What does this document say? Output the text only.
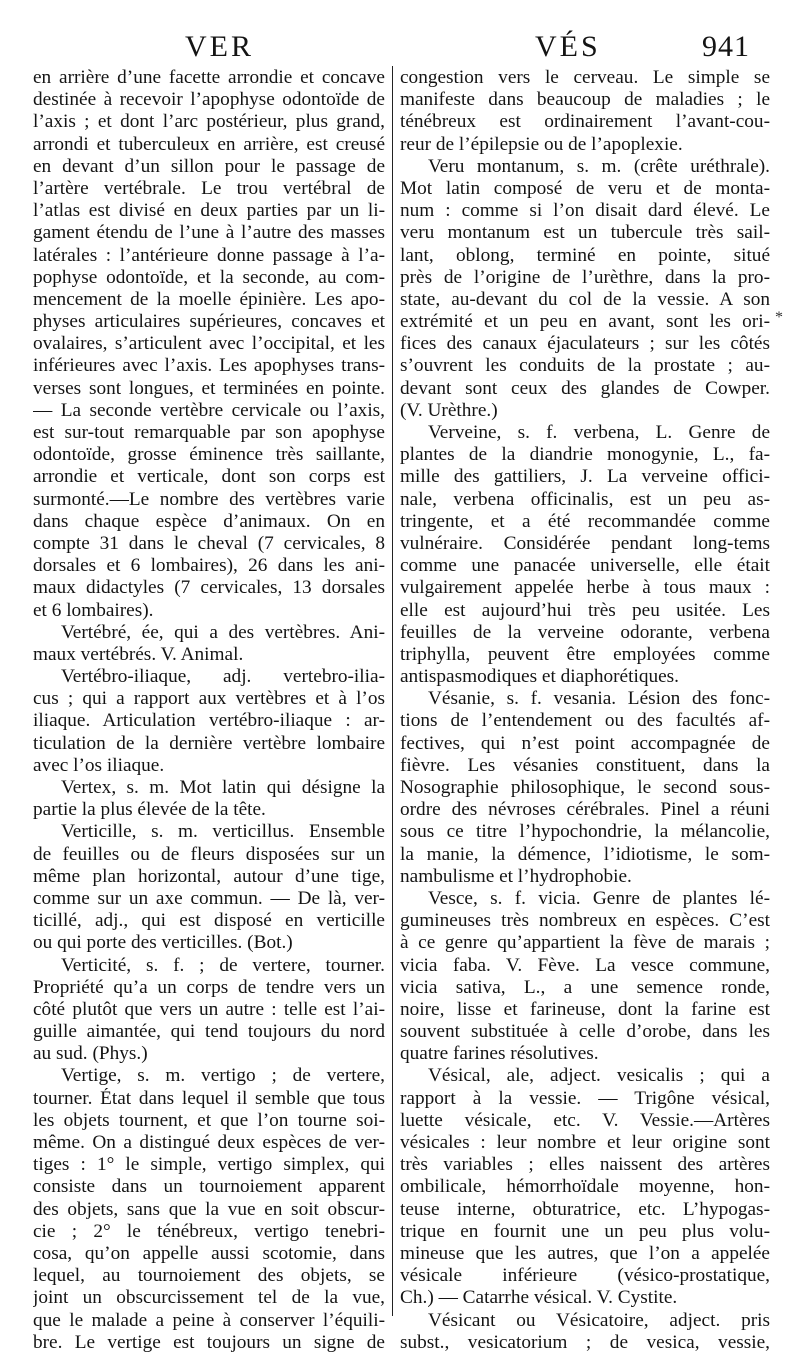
VER	VÉS	941
en arrière d’une facette arrondie et concave
destinée à recevoir l’apophyse odontoïde de
l’axis ; et dont l’arc postérieur, plus grand,
arrondi et tuberculeux en arrière, est creusé
en devant d’un sillon pour le passage de
l’artère vertébrale. Le trou vertébral de
l’atlas est divisé en deux parties par un li-
gament étendu de l’une à l’autre des masses
latérales : l’antérieure donne passage à l’a-
pophyse odontoïde, et la seconde, au com-
mencement de la moelle épinière. Les apo-
physes articulaires supérieures, concaves et
ovalaires, s’articulent avec l’occipital, et les
inférieures avec l’axis. Les apophyses trans-
verses sont longues, et terminées en pointe.
— La seconde vertèbre cervicale ou l’axis,
est sur-tout remarquable par son apophyse
odontoïde, grosse éminence très saillante,
arrondie et verticale, dont son corps est
surmonté.—Le nombre des vertèbres varie
dans chaque espèce d’animaux. On en
compte 31 dans le cheval (7 cervicales, 8
dorsales et 6 lombaires), 26 dans les ani-
maux didactyles (7 cervicales, 13 dorsales
et 6 lombaires).
Vertébré, ée, qui a des vertèbres. Ani-
maux vertébrés. V. Animal.
Vertébro-iliaque, adj. vertebro-ilia-
cus ; qui a rapport aux vertèbres et à l’os
iliaque. Articulation vertébro-iliaque : ar-
ticulation de la dernière vertèbre lombaire
avec l’os iliaque.
Vertex, s. m. Mot latin qui désigne la
partie la plus élevée de la tête.
Verticille, s. m. verticillus. Ensemble
de feuilles ou de fleurs disposées sur un
même plan horizontal, autour d’une tige,
comme sur un axe commun. — De là, ver-
ticillé, adj., qui est disposé en verticille
ou qui porte des verticilles. (Bot.)
Verticité, s. f. ; de vertere, tourner.
Propriété qu’a un corps de tendre vers un
côté plutôt que vers un autre : telle est l’ai-
guille aimantée, qui tend toujours du nord
au sud. (Phys.)
Vertige, s. m. vertigo ; de vertere,
tourner. État dans lequel il semble que tous
les objets tournent, et que l’on tourne soi-
même. On a distingué deux espèces de ver-
tiges : 1° le simple, vertigo simplex, qui
consiste dans un tournoiement apparent
des objets, sans que la vue en soit obscur-
cie ; 2° le ténébreux, vertigo tenebri-
cosa, qu’on appelle aussi scotomie, dans
lequel, au tournoiement des objets, se
joint un obscurcissement tel de la vue,
que le malade a peine à conserver l’équili-
bre. Le vertige est toujours un signe de
congestion vers le cerveau. Le simple se
manifeste dans beaucoup de maladies ; le
ténébreux est ordinairement l’avant-cou-
reur de l’épilepsie ou de l’apoplexie.
Veru montanum, s. m. (crête uréthrale).
Mot latin composé de veru et de monta-
num : comme si l’on disait dard élevé. Le
veru montanum est un tubercule très sail-
lant, oblong, terminé en pointe, situé
près de l’origine de l’urèthre, dans la pro-
state, au-devant du col de la vessie. A son
extrémité et un peu en avant, sont les ori-
fices des canaux éjaculateurs ; sur les côtés
s’ouvrent les conduits de la prostate ; au-
devant sont ceux des glandes de Cowper.
(V. Urèthre.)
Verveine, s. f. verbena, L. Genre de
plantes de la diandrie monogynie, L., fa-
mille des gattiliers, J. La verveine offici-
nale, verbena officinalis, est un peu as-
tringente, et a été recommandée comme
vulnéraire. Considérée pendant long-tems
comme une panacée universelle, elle était
vulgairement appelée herbe à tous maux :
elle est aujourd’hui très peu usitée. Les
feuilles de la verveine odorante, verbena
triphylla, peuvent être employées comme
antispasmodiques et diaphorétiques.
Vésanie, s. f. vesania. Lésion des fonc-
tions de l’entendement ou des facultés af-
fectives, qui n’est point accompagnée de
fièvre. Les vésanies constituent, dans la
Nosographie philosophique, le second sous-
ordre des névroses cérébrales. Pinel a réuni
sous ce titre l’hypochondrie, la mélancolie,
la manie, la démence, l’idiotisme, le som-
nambulisme et l’hydrophobie.
Vesce, s. f. vicia. Genre de plantes lé-
gumineuses très nombreux en espèces. C’est
à ce genre qu’appartient la fève de marais ;
vicia faba. V. Fève. La vesce commune,
vicia sativa, L., a une semence ronde,
noire, lisse et farineuse, dont la farine est
souvent substituée à celle d’orobe, dans les
quatre farines résolutives.
Vésical, ale, adject. vesicalis ; qui a
rapport à la vessie. — Trigône vésical,
luette vésicale, etc. V. Vessie.—Artères
vésicales : leur nombre et leur origine sont
très variables ; elles naissent des artères
ombilicale, hémorrhoïdale moyenne, hon-
teuse interne, obturatrice, etc. L’hypogas-
trique en fournit une un peu plus volu-
mineuse que les autres, que l’on a appelée
vésicale inférieure (vésico-prostatique,
Ch.) — Catarrhe vésical. V. Cystite.
Vésicant ou Vésicatoire, adject. pris
subst., vesicatorium ; de vesica, vessie,
*
